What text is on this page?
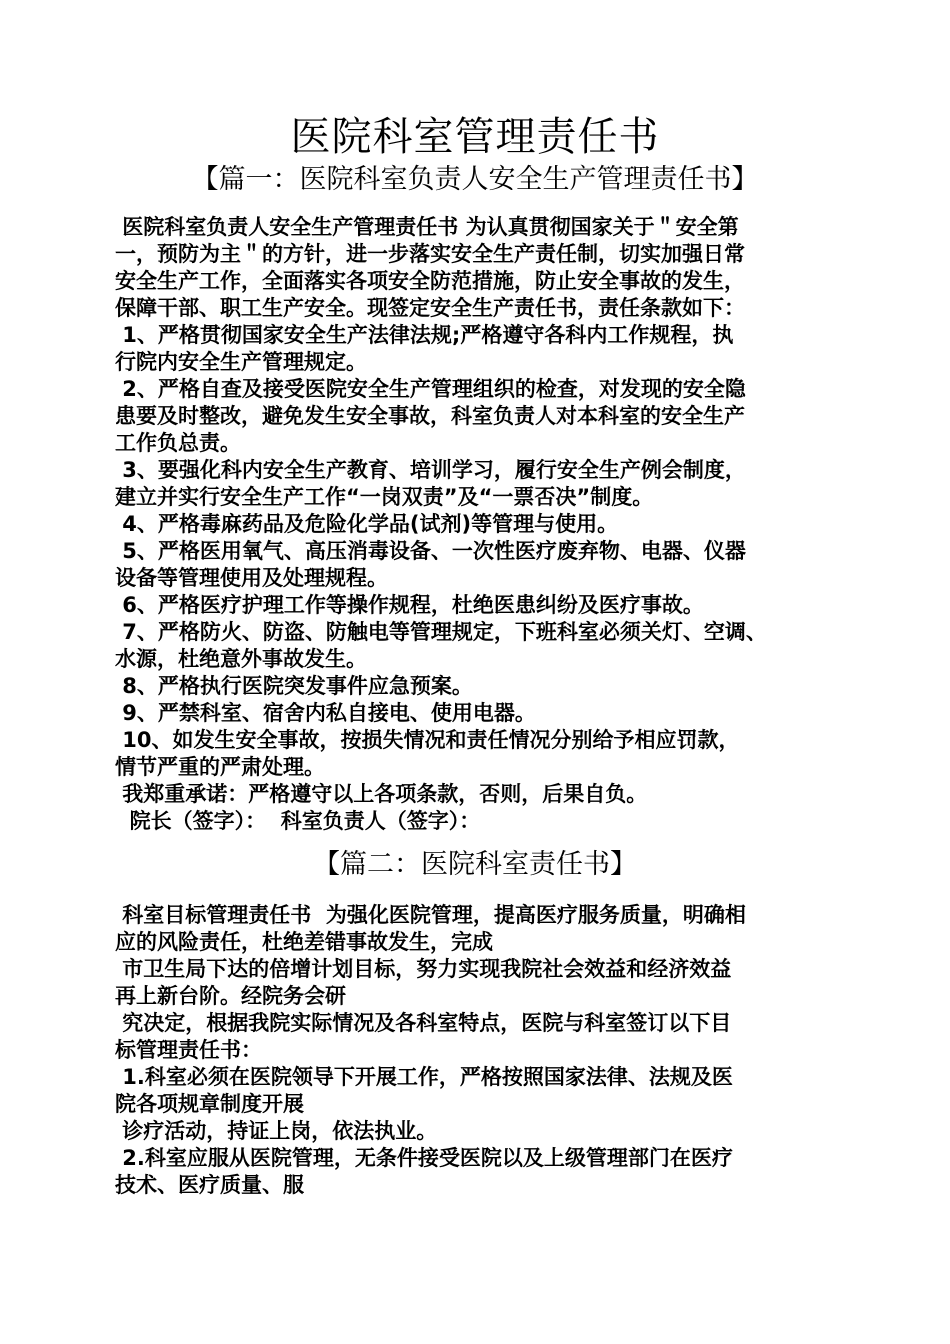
医院科室管理责任书
【篇一：医院科室负责人安全生产管理责任书】
医院科室负责人安全生产管理责任书 为认真贯彻国家关于＂安全第
一，预防为主＂的方针，进一步落实安全生产责任制，切实加强日常
安全生产工作，全面落实各项安全防范措施，防止安全事故的发生，
保障干部、职工生产安全。现签定安全生产责任书，责任条款如下：
1、严格贯彻国家安全生产法律法规;严格遵守各科内工作规程，执
行院内安全生产管理规定。
2、严格自查及接受医院安全生产管理组织的检查，对发现的安全隐
患要及时整改，避免发生安全事故，科室负责人对本科室的安全生产
工作负总责。
3、要强化科内安全生产教育、培训学习，履行安全生产例会制度，
建立并实行安全生产工作“一岗双责”及“一票否决”制度。
4、严格毒麻药品及危险化学品(试剂)等管理与使用。
5、严格医用氧气、高压消毒设备、一次性医疗废弃物、电器、仪器
设备等管理使用及处理规程。
6、严格医疗护理工作等操作规程，杜绝医患纠纷及医疗事故。
7、严格防火、防盗、防触电等管理规定，下班科室必须关灯、空调、
水源，杜绝意外事故发生。
8、严格执行医院突发事件应急预案。
9、严禁科室、宿舍内私自接电、使用电器。
10、如发生安全事故，按损失情况和责任情况分别给予相应罚款，
情节严重的严肃处理。
我郑重承诺：严格遵守以上各项条款，否则，后果自负。
院长（签字）：  科室负责人（签字）：
【篇二：医院科室责任书】
科室目标管理责任书  为强化医院管理，提高医疗服务质量，明确相
应的风险责任，杜绝差错事故发生，完成
市卫生局下达的倍增计划目标，努力实现我院社会效益和经济效益
再上新台阶。经院务会研
究决定，根据我院实际情况及各科室特点，医院与科室签订以下目
标管理责任书：
1.科室必须在医院领导下开展工作，严格按照国家法律、法规及医
院各项规章制度开展
诊疗活动，持证上岗，依法执业。
2.科室应服从医院管理，无条件接受医院以及上级管理部门在医疗
技术、医疗质量、服
